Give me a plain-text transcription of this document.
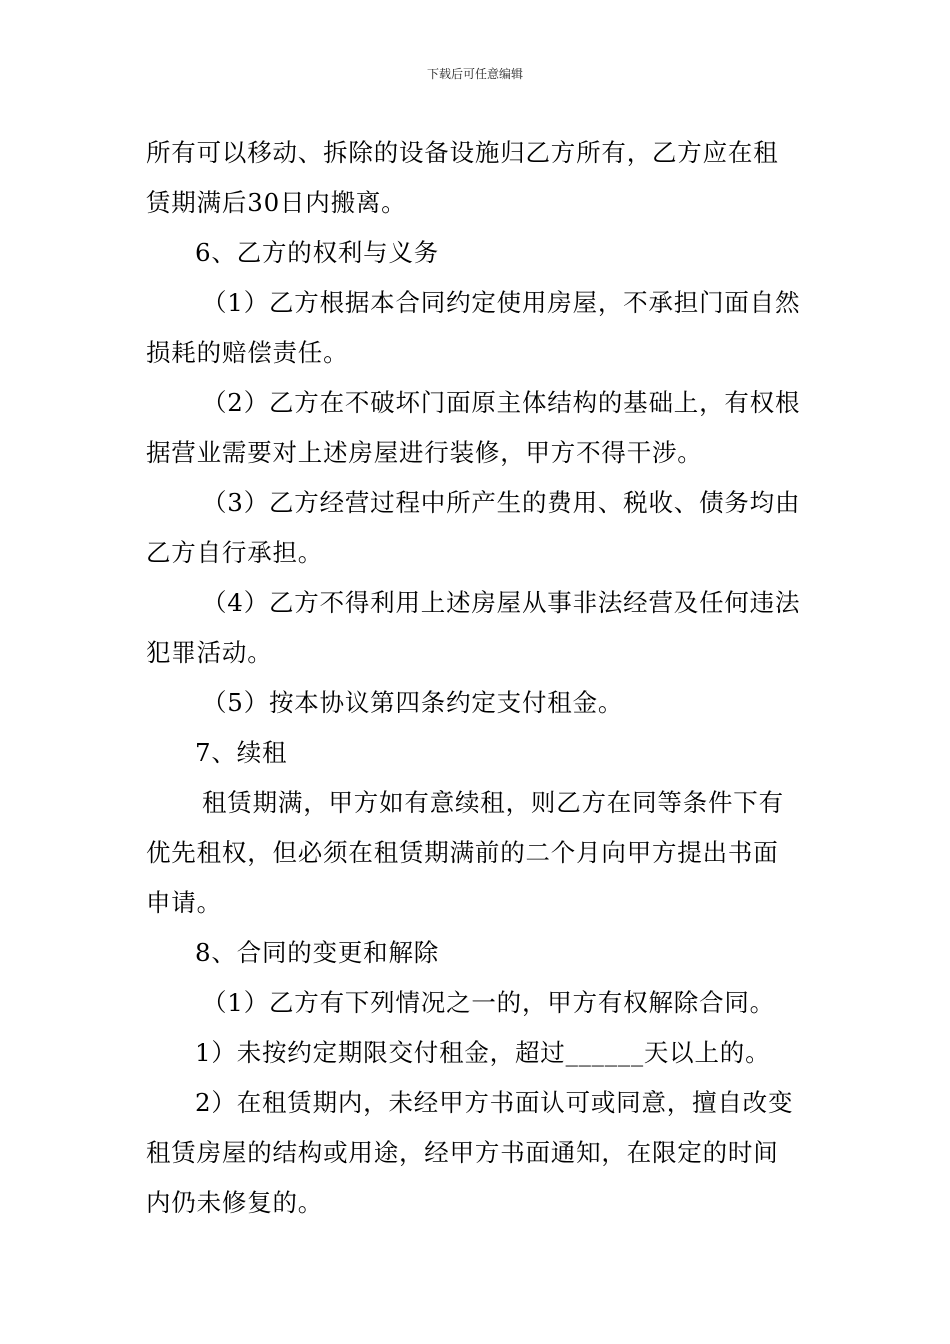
下载后可任意编辑

所有可以移动、拆除的设备设施归乙方所有，乙方应在租

赁期满后30日内搬离。

6、乙方的权利与义务

（1）乙方根据本合同约定使用房屋，不承担门面自然

损耗的赔偿责任。

（2）乙方在不破坏门面原主体结构的基础上，有权根

据营业需要对上述房屋进行装修，甲方不得干涉。

（3）乙方经营过程中所产生的费用、税收、债务均由

乙方自行承担。

（4）乙方不得利用上述房屋从事非法经营及任何违法

犯罪活动。

（5）按本协议第四条约定支付租金。

7、续租

租赁期满，甲方如有意续租，则乙方在同等条件下有

优先租权，但必须在租赁期满前的二个月向甲方提出书面

申请。

8、合同的变更和解除

（1）乙方有下列情况之一的，甲方有权解除合同。

1）未按约定期限交付租金，超过______天以上的。

2）在租赁期内，未经甲方书面认可或同意，擅自改变

租赁房屋的结构或用途，经甲方书面通知，在限定的时间

内仍未修复的。
